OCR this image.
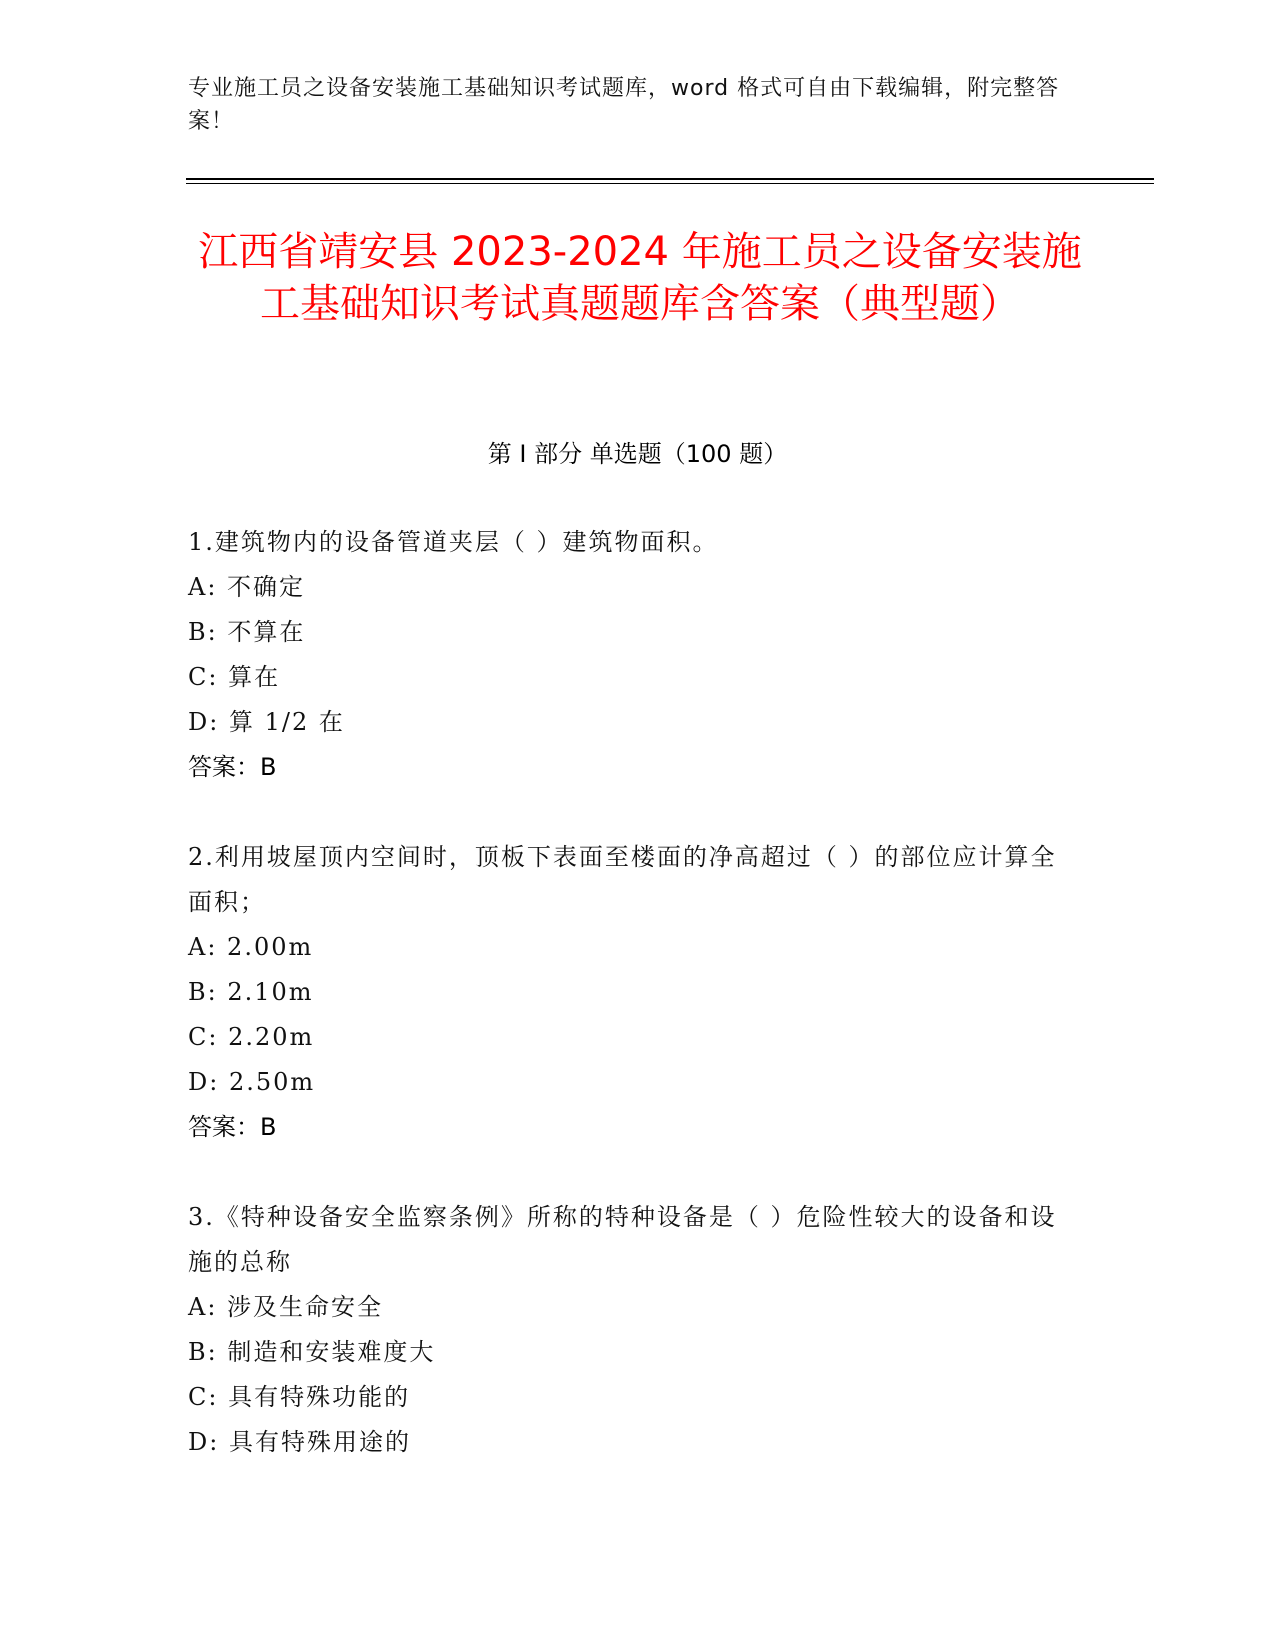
专业施工员之设备安装施工基础知识考试题库，word 格式可自由下载编辑，附完整答案！
江西省靖安县 2023-2024 年施工员之设备安装施工基础知识考试真题题库含答案（典型题）
第 I 部分 单选题（100 题）
1.建筑物内的设备管道夹层（ ）建筑物面积。
A: 不确定
B: 不算在
C: 算在
D: 算 1/2 在
答案：B
2.利用坡屋顶内空间时，顶板下表面至楼面的净高超过（ ）的部位应计算全面积；
A: 2.00m
B: 2.10m
C: 2.20m
D: 2.50m
答案：B
3.《特种设备安全监察条例》所称的特种设备是（ ）危险性较大的设备和设施的总称
A: 涉及生命安全
B: 制造和安装难度大
C: 具有特殊功能的
D: 具有特殊用途的
